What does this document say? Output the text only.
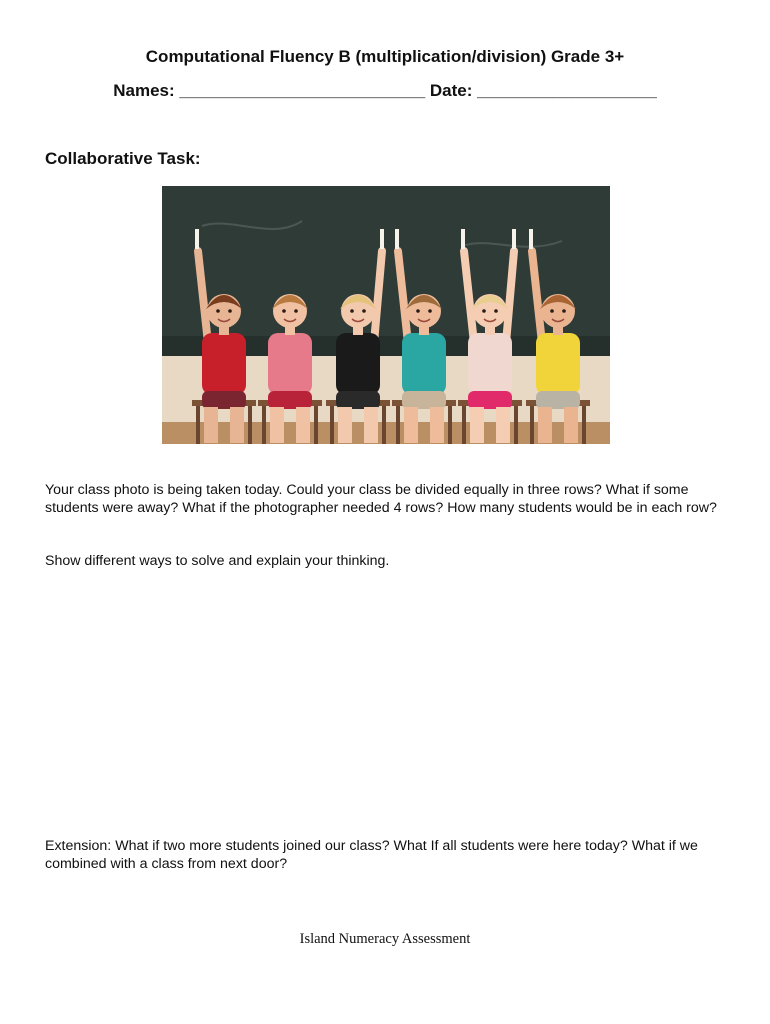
Computational Fluency B (multiplication/division) Grade 3+
Names: __________________________ Date: ___________________
Collaborative Task:
Your class photo is being taken today. Could your class be divided equally in three rows? What if some students were away? What if the photographer needed 4 rows? How many students would be in each row?
Show different ways to solve and explain your thinking.
Extension: What if two more students joined our class? What If all students were here today? What if we combined with a class from next door?
Island Numeracy Assessment
